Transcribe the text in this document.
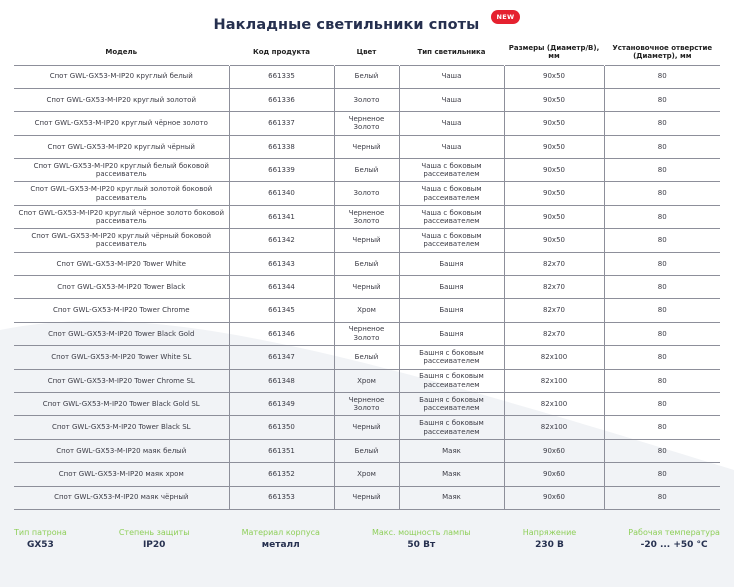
Накладные светильники споты	NEW
Модель	Код продукта	Цвет	Тип светильника	Размеры (Диаметр/В), мм	Установочное отверстие (Диаметр), мм
Спот GWL-GX53-M-IP20 круглый белый	661335	Белый	Чаша	90х50	80
Спот GWL-GX53-M-IP20 круглый золотой	661336	Золото	Чаша	90х50	80
Спот GWL-GX53-M-IP20 круглый чёрное золото	661337	Черненое Золото	Чаша	90х50	80
Спот GWL-GX53-M-IP20 круглый чёрный	661338	Черный	Чаша	90х50	80
Спот GWL-GX53-M-IP20 круглый белый боковой рассеиватель	661339	Белый	Чаша с боковым рассеивателем	90х50	80
Спот GWL-GX53-M-IP20 круглый золотой боковой рассеиватель	661340	Золото	Чаша с боковым рассеивателем	90х50	80
Спот GWL-GX53-M-IP20 круглый чёрное золото боковой рассеиватель	661341	Черненое Золото	Чаша с боковым рассеивателем	90х50	80
Спот GWL-GX53-M-IP20 круглый чёрный боковой рассеиватель	661342	Черный	Чаша с боковым рассеивателем	90х50	80
Спот GWL-GX53-M-IP20 Tower White	661343	Белый	Башня	82х70	80
Спот GWL-GX53-M-IP20 Tower Black	661344	Черный	Башня	82х70	80
Спот GWL-GX53-M-IP20 Tower Chrome	661345	Хром	Башня	82х70	80
Спот GWL-GX53-M-IP20 Tower Black Gold	661346	Черненое Золото	Башня	82х70	80
Спот GWL-GX53-M-IP20 Tower White SL	661347	Белый	Башня с боковым рассеивателем	82х100	80
Спот GWL-GX53-M-IP20 Tower Chrome SL	661348	Хром	Башня с боковым рассеивателем	82х100	80
Спот GWL-GX53-M-IP20 Tower Black Gold SL	661349	Черненое Золото	Башня с боковым рассеивателем	82х100	80
Спот GWL-GX53-M-IP20 Tower Black SL	661350	Черный	Башня с боковым рассеивателем	82х100	80
Спот GWL-GX53-M-IP20 маяк белый	661351	Белый	Маяк	90х60	80
Спот GWL-GX53-M-IP20 маяк хром	661352	Хром	Маяк	90х60	80
Спот GWL-GX53-M-IP20 маяк чёрный	661353	Черный	Маяк	90х60	80
Тип патрона
GX53
Степень защиты
IP20
Материал корпуса
металл
Макс. мощность лампы
50 Вт
Напряжение
230 В
Рабочая температура
-20 ... +50 °С
